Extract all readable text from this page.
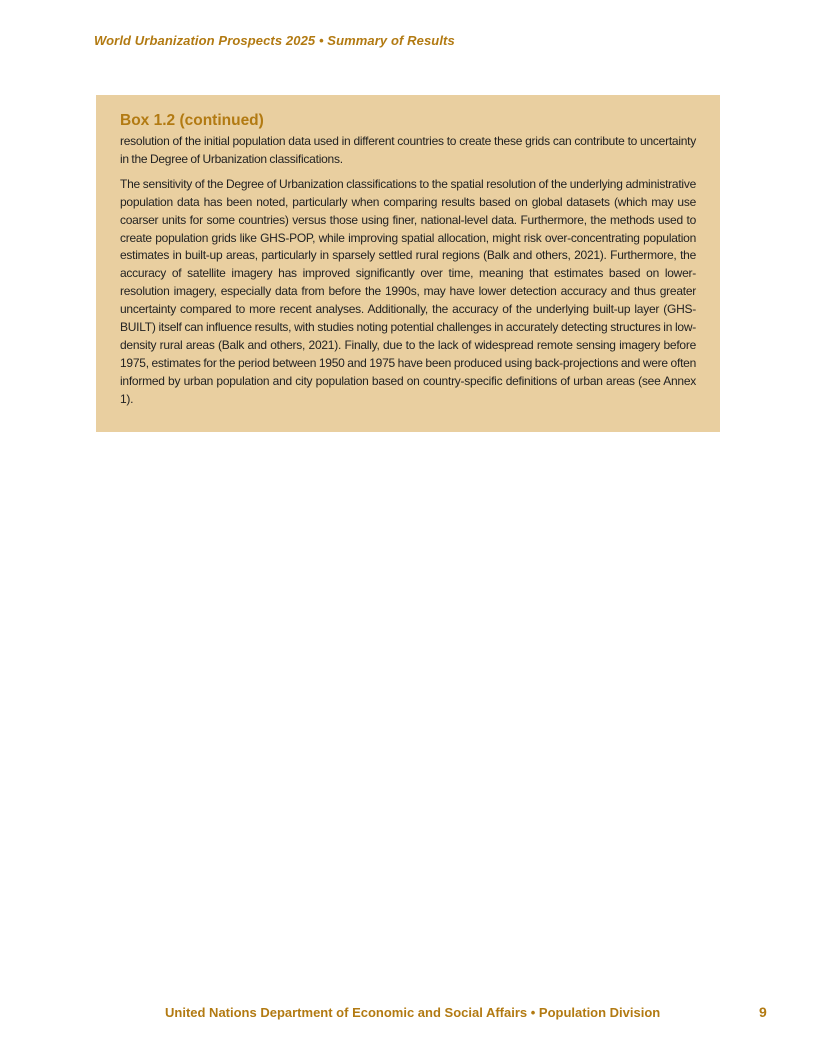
World Urbanization Prospects 2025 • Summary of Results
Box 1.2 (continued)

resolution of the initial population data used in different countries to create these grids can contribute to uncertainty in the Degree of Urbanization classifications.

The sensitivity of the Degree of Urbanization classifications to the spatial resolution of the underlying administrative population data has been noted, particularly when comparing results based on global datasets (which may use coarser units for some countries) versus those using finer, national-level data. Furthermore, the methods used to create population grids like GHS-POP, while improving spatial allocation, might risk over-concentrating population estimates in built-up areas, particularly in sparsely settled rural regions (Balk and others, 2021). Furthermore, the accuracy of satellite imagery has improved significantly over time, meaning that estimates based on lower-resolution imagery, especially data from before the 1990s, may have lower detection accuracy and thus greater uncertainty compared to more recent analyses. Additionally, the accuracy of the underlying built-up layer (GHS-BUILT) itself can influence results, with studies noting potential challenges in accurately detecting structures in low-density rural areas (Balk and others, 2021). Finally, due to the lack of widespread remote sensing imagery before 1975, estimates for the period between 1950 and 1975 have been produced using back-projections and were often informed by urban population and city population based on country-specific definitions of urban areas (see Annex 1).

United Nations Department of Economic and Social Affairs • Population Division	9
